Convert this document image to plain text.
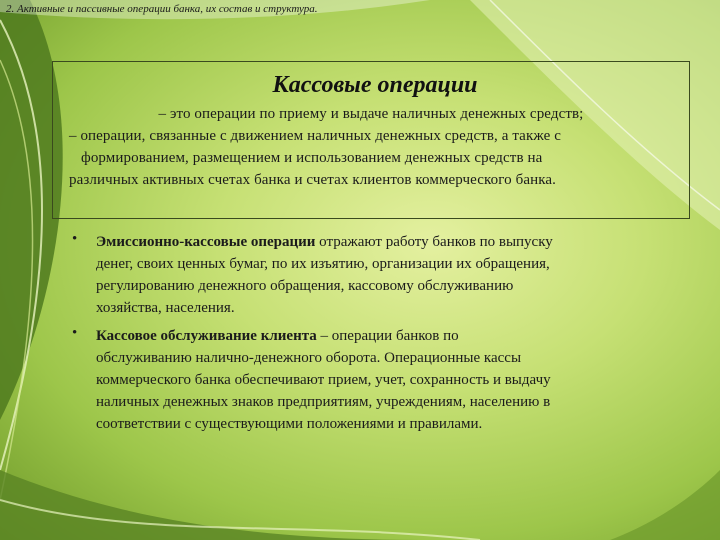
2. Активные и пассивные операции банка, их состав и структура.
Кассовые операции
– это операции по приему и выдаче наличных денежных средств;
– операции, связанные с движением наличных денежных средств, а также с
формированием, размещением и использованием денежных средств на
различных активных счетах банка и счетах клиентов коммерческого банка.
• Эмиссионно-кассовые операции отражают работу банков по выпуску
денег, своих ценных бумаг, по их изъятию, организации их обращения,
регулированию денежного обращения, кассовому обслуживанию
хозяйства, населения.
• Кассовое обслуживание клиента – операции банков по
обслуживанию налично-денежного оборота. Операционные кассы
коммерческого банка обеспечивают прием, учет, сохранность и выдачу
наличных денежных знаков предприятиям, учреждениям, населению в
соответствии с существующими положениями и правилами.
